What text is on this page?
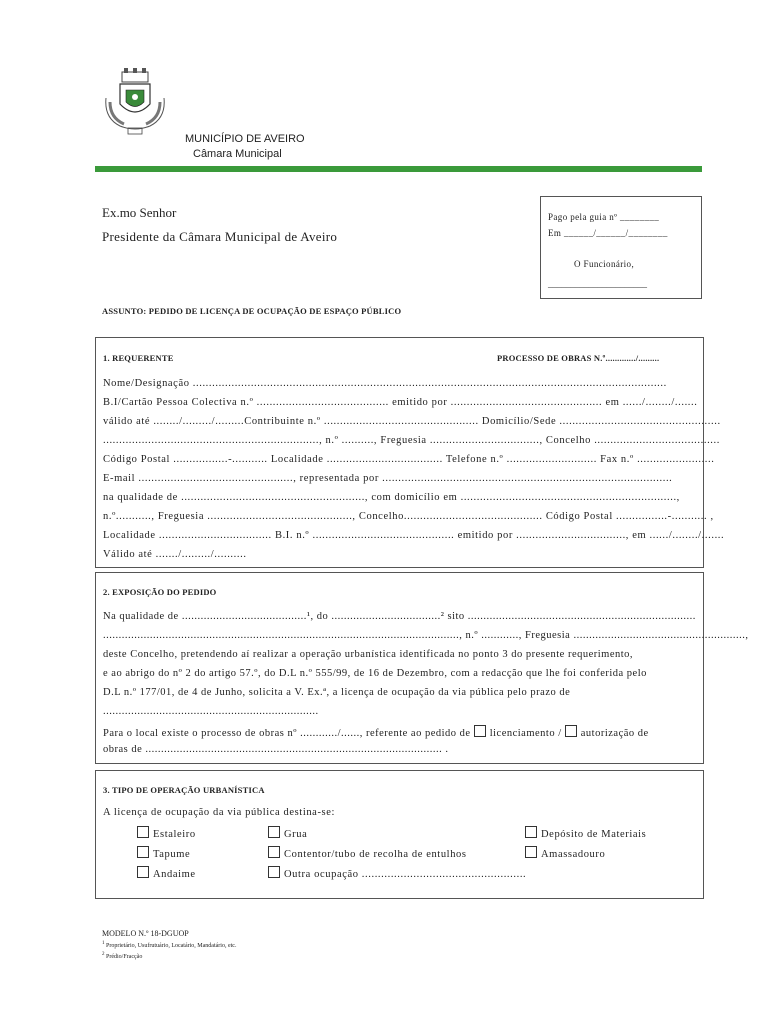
MUNICÍPIO DE AVEIRO
Câmara Municipal
Ex.mo Senhor
Presidente da Câmara Municipal de Aveiro
Pago pela guia nº ________
Em ______/______/________
O Funcionário,
______________________
ASSUNTO: PEDIDO DE LICENÇA DE OCUPAÇÃO DE ESPAÇO PÚBLICO
1. REQUERENTE	PROCESSO DE OBRAS N.º............./.........
Nome/Designação ...................................................................................................................................................
B.I/Cartão Pessoa Colectiva n.º ......................................... emitido por ............................................... em ....../......../.......
válido até ......../........./.........Contribuinte n.º ................................................ Domicílio/Sede ..................................................
..................................................................., n.º .........., Freguesia .................................., Concelho .......................................
Código Postal .................-........... Localidade .................................... Telefone n.º ............................ Fax n.º ........................
E-mail ................................................, representada por ..........................................................................................
na qualidade de ........................................................., com domicílio em ...................................................................,
n.º..........., Freguesia ............................................., Concelho........................................... Código Postal ................-........... ,
Localidade ................................... B.I. n.º ............................................ emitido por .................................., em ....../......../.......
Válido até ......./........./..........
2. EXPOSIÇÃO DO PEDIDO
Na qualidade de ........................................¹, do ...................................² sito .........................................................................
.................................................................................................................., n.º ............, Freguesia .......................................................,
deste Concelho, pretendendo aí realizar a operação urbanística identificada no ponto 3 do presente requerimento,
e ao abrigo do nº 2 do artigo 57.º, do D.L n.º 555/99, de 16 de Dezembro, com a redacção que lhe foi conferida pelo
D.L n.º 177/01, de 4 de Junho, solicita a V. Ex.ª, a licença de ocupação da via pública pelo prazo de
.....................................................................
Para o local existe o processo de obras nº ............/......, referente ao pedido de licenciamento / autorização de
obras de ............................................................................................... .
3. TIPO DE OPERAÇÃO URBANÍSTICA
A licença de ocupação da via pública destina-se:
Estaleiro	Grua	Depósito de Materiais
Tapume	Contentor/tubo de recolha de entulhos	Amassadouro
Andaime	Outra ocupação ...................................................
MODELO N.º 18-DGUOP
$^1$ Proprietário, Usufrutuário, Locatário, Mandatário, etc.
$^2$ Prédio/Fracção
